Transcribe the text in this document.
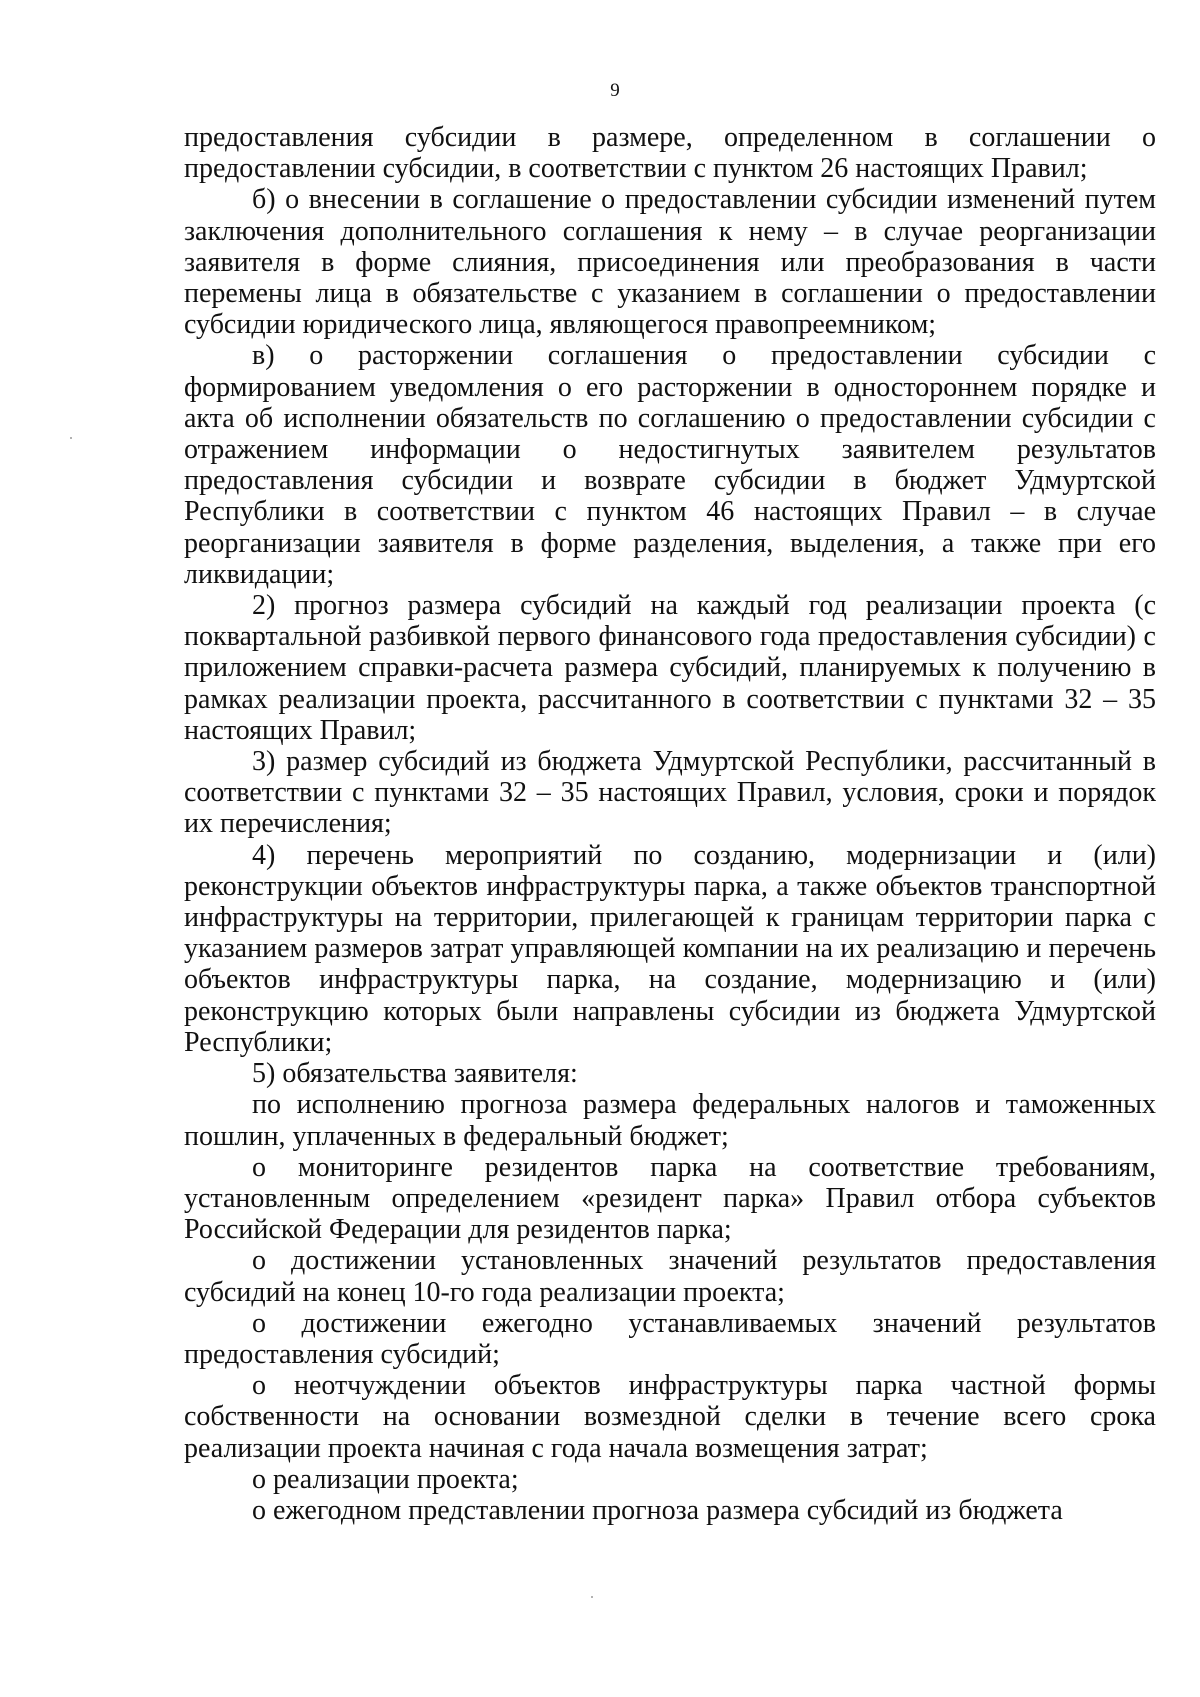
9

предоставления субсидии в размере, определенном в соглашении о предоставлении субсидии, в соответствии с пунктом 26 настоящих Правил;

б) о внесении в соглашение о предоставлении субсидии изменений путем заключения дополнительного соглашения к нему – в случае реорганизации заявителя в форме слияния, присоединения или преобразования в части перемены лица в обязательстве с указанием в соглашении о предоставлении субсидии юридического лица, являющегося правопреемником;

в) о расторжении соглашения о предоставлении субсидии с формированием уведомления о его расторжении в одностороннем порядке и акта об исполнении обязательств по соглашению о предоставлении субсидии с отражением информации о недостигнутых заявителем результатов предоставления субсидии и возврате субсидии в бюджет Удмуртской Республики в соответствии с пунктом 46 настоящих Правил – в случае реорганизации заявителя в форме разделения, выделения, а также при его ликвидации;

2) прогноз размера субсидий на каждый год реализации проекта (с поквартальной разбивкой первого финансового года предоставления субсидии) с приложением справки-расчета размера субсидий, планируемых к получению в рамках реализации проекта, рассчитанного в соответствии с пунктами 32 – 35 настоящих Правил;

3) размер субсидий из бюджета Удмуртской Республики, рассчитанный в соответствии с пунктами 32 – 35 настоящих Правил, условия, сроки и порядок их перечисления;

4) перечень мероприятий по созданию, модернизации и (или) реконструкции объектов инфраструктуры парка, а также объектов транспортной инфраструктуры на территории, прилегающей к границам территории парка с указанием размеров затрат управляющей компании на их реализацию и перечень объектов инфраструктуры парка, на создание, модернизацию и (или) реконструкцию которых были направлены субсидии из бюджета Удмуртской Республики;

5) обязательства заявителя:

по исполнению прогноза размера федеральных налогов и таможенных пошлин, уплаченных в федеральный бюджет;

о мониторинге резидентов парка на соответствие требованиям, установленным определением «резидент парка» Правил отбора субъектов Российской Федерации для резидентов парка;

о достижении установленных значений результатов предоставления субсидий на конец 10-го года реализации проекта;

о достижении ежегодно устанавливаемых значений результатов предоставления субсидий;

о неотчуждении объектов инфраструктуры парка частной формы собственности на основании возмездной сделки в течение всего срока реализации проекта начиная с года начала возмещения затрат;

о реализации проекта;

о ежегодном представлении прогноза размера субсидий из бюджета
